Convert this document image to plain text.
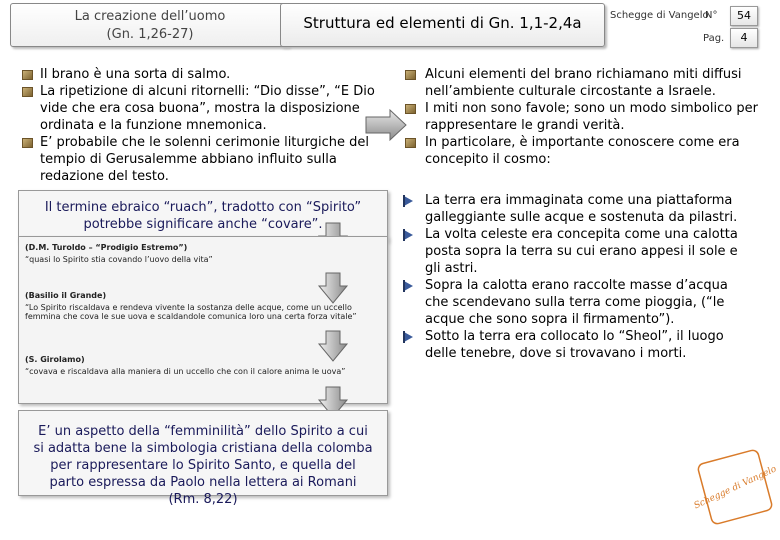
La creazione dell’uomo
(Gn. 1,26-27)
Struttura ed elementi di Gn. 1,1-2,4a	Schegge di Vangelo
N°	54
Pag.	4
Il brano è una sorta di salmo.
La ripetizione di alcuni ritornelli: “Dio disse”, “E Dio vide che era cosa buona”, mostra la disposizione ordinata e la funzione mnemonica.
E’ probabile che le solenni cerimonie liturgiche del tempio di Gerusalemme abbiano influito sulla redazione del testo.
Alcuni elementi del brano richiamano miti diffusi nell’ambiente culturale circostante a Israele.
I miti non sono favole; sono un modo simbolico per rappresentare le grandi verità.
In particolare, è importante conoscere come era concepito il cosmo:
La terra era immaginata come una piattaforma galleggiante sulle acque e sostenuta da pilastri.
La volta celeste era concepita come una calotta posta sopra la terra su cui erano appesi il sole e gli astri.
Sopra la calotta erano raccolte masse d’acqua che scendevano sulla terra come pioggia, (“le acque che sono sopra il firmamento”).
Sotto la terra era collocato lo “Sheol”, il luogo delle tenebre, dove si trovavano i morti.
Il termine ebraico “ruach”, tradotto con “Spirito” potrebbe significare anche “covare”.
(D.M. Turoldo – “Prodigio Estremo”)
“quasi lo Spirito stia covando l’uovo della vita”
(Basilio il Grande)
“Lo Spirito riscaldava e rendeva vivente la sostanza delle acque, come un uccello femmina che cova le sue uova e scaldandole comunica loro una certa forza vitale”
(S. Girolamo)
“covava e riscaldava alla maniera di un uccello che con il calore anima le uova”
E’ un aspetto della “femminilità” dello Spirito a cui si adatta bene la simbologia cristiana della colomba per rappresentare lo Spirito Santo, e quella del parto espressa da Paolo nella lettera ai Romani (Rm. 8,22)	Schegge di Vangelo
